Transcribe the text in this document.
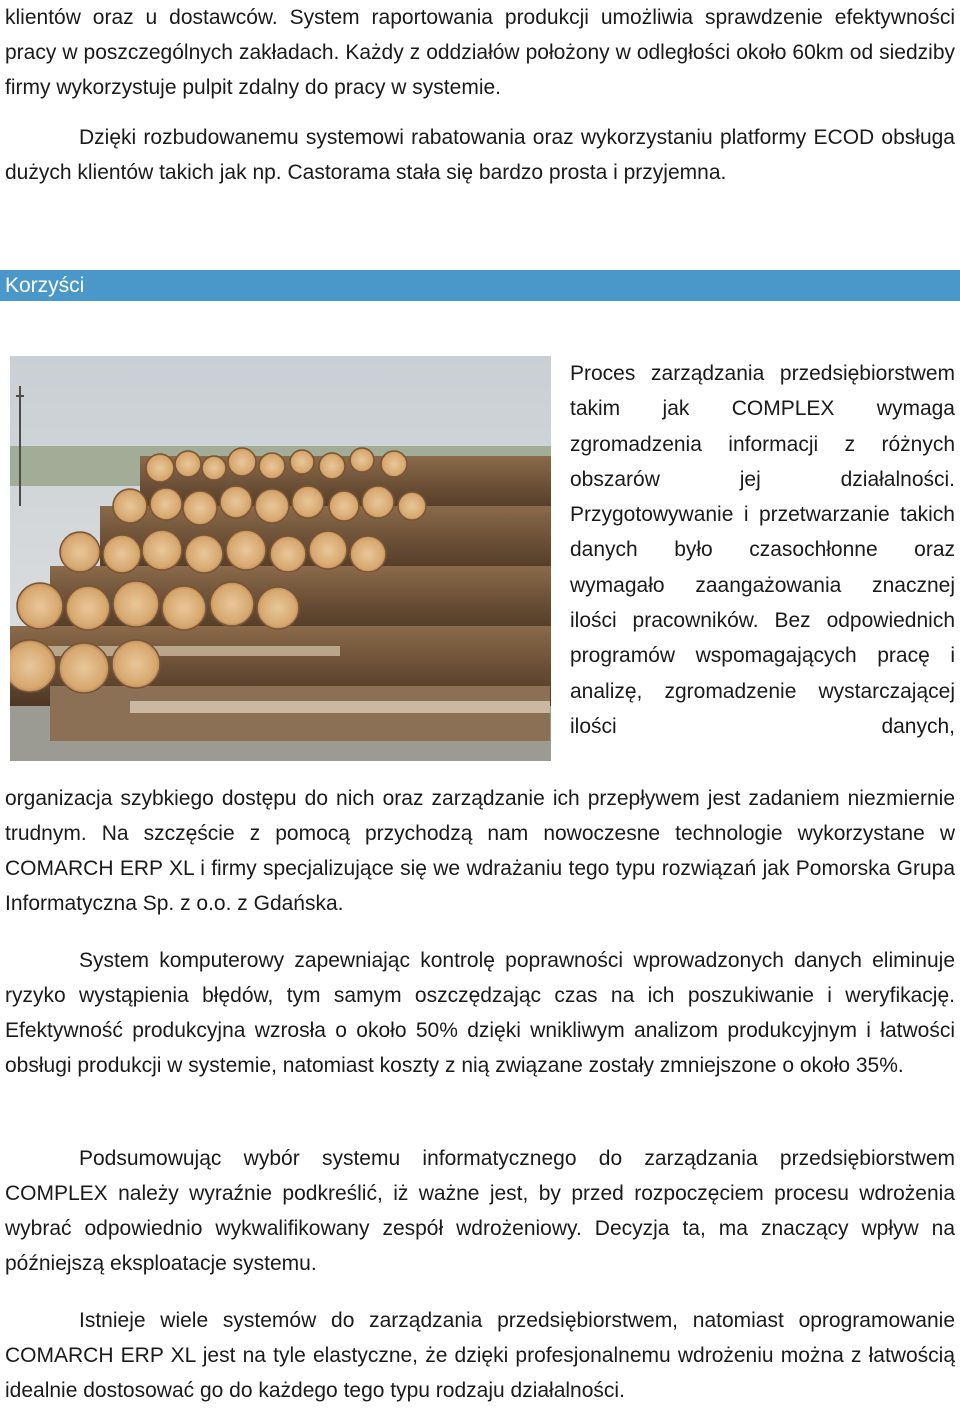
klientów oraz u dostawców. System raportowania produkcji umożliwia sprawdzenie efektywności pracy w poszczególnych zakładach. Każdy z oddziałów położony w odległości około 60km od siedziby firmy wykorzystuje pulpit zdalny do pracy w systemie.

Dzięki rozbudowanemu systemowi rabatowania oraz wykorzystaniu platformy ECOD obsługa dużych klientów takich jak np. Castorama stała się bardzo prosta i przyjemna.

Korzyści

Proces zarządzania przedsiębiorstwem takim jak COMPLEX wymaga zgromadzenia informacji z różnych obszarów jej działalności. Przygotowywanie i przetwarzanie takich danych było czasochłonne oraz wymagało zaangażowania znacznej ilości pracowników. Bez odpowiednich programów wspomagających pracę i analizę, zgromadzenie wystarczającej ilości danych,

organizacja szybkiego dostępu do nich oraz zarządzanie ich przepływem jest zadaniem niezmiernie trudnym. Na szczęście z pomocą przychodzą nam nowoczesne technologie wykorzystane w COMARCH ERP XL i firmy specjalizujące się we wdrażaniu tego typu rozwiązań jak Pomorska Grupa Informatyczna Sp. z o.o. z Gdańska.

System komputerowy zapewniając kontrolę poprawności wprowadzonych danych eliminuje ryzyko wystąpienia błędów, tym samym oszczędzając czas na ich poszukiwanie i weryfikację. Efektywność produkcyjna wzrosła o około 50% dzięki wnikliwym analizom produkcyjnym i łatwości obsługi produkcji w systemie, natomiast koszty z nią związane zostały zmniejszone o około 35%.

Podsumowując wybór systemu informatycznego do zarządzania przedsiębiorstwem COMPLEX należy wyraźnie podkreślić, iż ważne jest, by przed rozpoczęciem procesu wdrożenia wybrać odpowiednio wykwalifikowany zespół wdrożeniowy. Decyzja ta, ma znaczący wpływ na późniejszą eksploatacje systemu.

Istnieje wiele systemów do zarządzania przedsiębiorstwem, natomiast oprogramowanie COMARCH ERP XL jest na tyle elastyczne, że dzięki profesjonalnemu wdrożeniu można z łatwością idealnie dostosować go do każdego tego typu rodzaju działalności.
